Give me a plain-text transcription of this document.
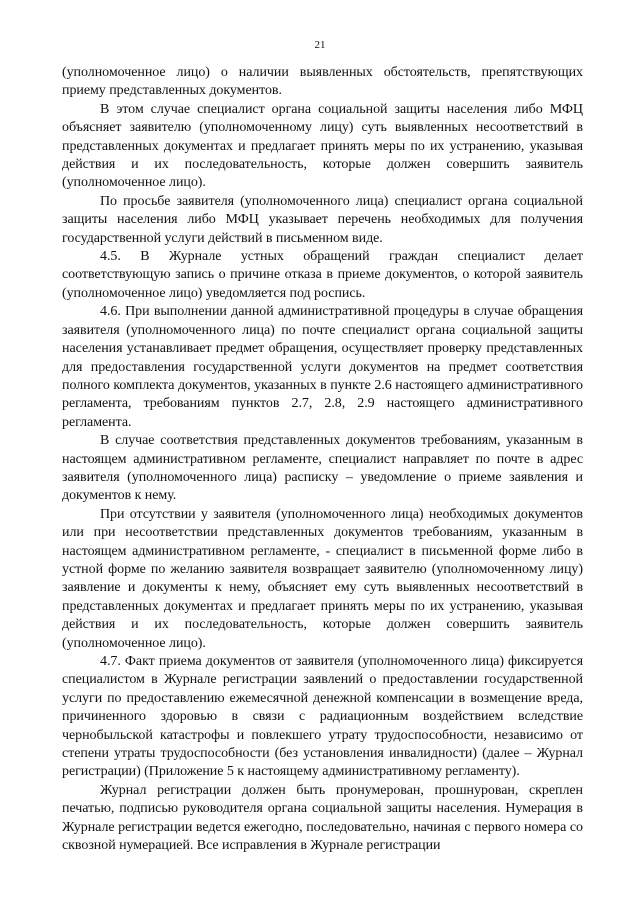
21

(уполномоченное лицо) о наличии выявленных обстоятельств, препятствующих приему представленных документов.

В этом случае специалист органа социальной защиты населения либо МФЦ объясняет заявителю (уполномоченному лицу) суть выявленных несоответствий в представленных документах и предлагает принять меры по их устранению, указывая действия и их последовательность, которые должен совершить заявитель (уполномоченное лицо).

По просьбе заявителя (уполномоченного лица) специалист органа социальной защиты населения либо МФЦ указывает перечень необходимых для получения государственной услуги действий в письменном виде.

4.5. В Журнале устных обращений граждан специалист делает соответствующую запись о причине отказа в приеме документов, о которой заявитель (уполномоченное лицо) уведомляется под роспись.

4.6. При выполнении данной административной процедуры в случае обращения заявителя (уполномоченного лица) по почте специалист органа социальной защиты населения устанавливает предмет обращения, осуществляет проверку представленных для предоставления государственной услуги документов на предмет соответствия полного комплекта документов, указанных в пункте 2.6 настоящего административного регламента, требованиям пунктов 2.7, 2.8, 2.9 настоящего административного регламента.

В случае соответствия представленных документов требованиям, указанным в настоящем административном регламенте, специалист направляет по почте в адрес заявителя (уполномоченного лица) расписку – уведомление о приеме заявления и документов к нему.

При отсутствии у заявителя (уполномоченного лица) необходимых документов или при несоответствии представленных документов требованиям, указанным в настоящем административном регламенте, - специалист в письменной форме либо в устной форме по желанию заявителя возвращает заявителю (уполномоченному лицу) заявление и документы к нему, объясняет ему суть выявленных несоответствий в представленных документах и предлагает принять меры по их устранению, указывая действия и их последовательность, которые должен совершить заявитель (уполномоченное лицо).

4.7. Факт приема документов от заявителя (уполномоченного лица) фиксируется специалистом в Журнале регистрации заявлений о предоставлении государственной услуги по предоставлению ежемесячной денежной компенсации в возмещение вреда, причиненного здоровью в связи с радиационным воздействием вследствие чернобыльской катастрофы и повлекшего утрату трудоспособности, независимо от степени утраты трудоспособности (без установления инвалидности) (далее – Журнал регистрации) (Приложение 5 к настоящему административному регламенту).

Журнал регистрации должен быть пронумерован, прошнурован, скреплен печатью, подписью руководителя органа социальной защиты населения. Нумерация в Журнале регистрации ведется ежегодно, последовательно, начиная с первого номера со сквозной нумерацией. Все исправления в Журнале регистрации
